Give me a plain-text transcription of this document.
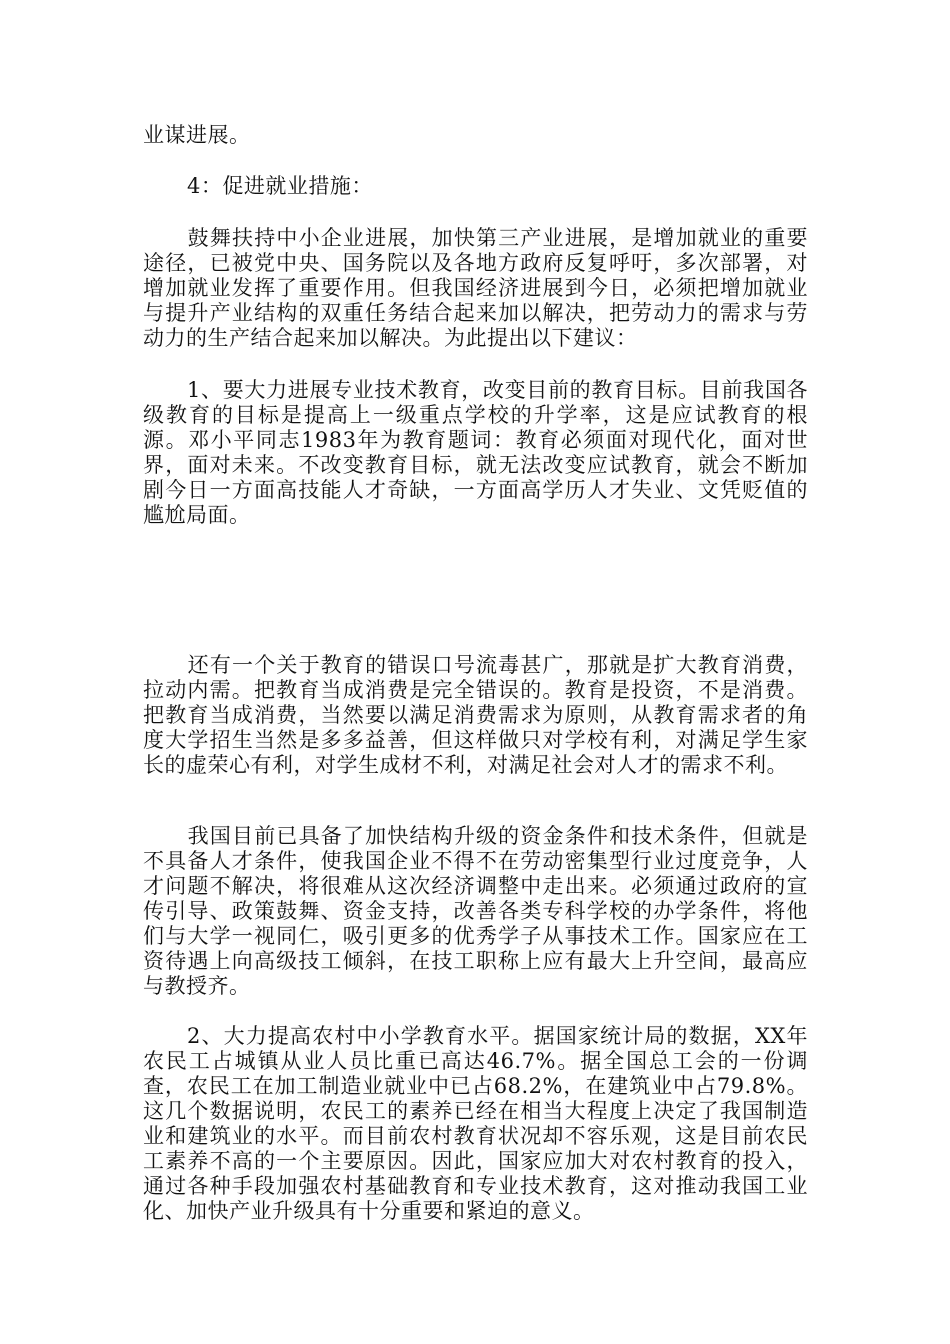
业谋进展。

4：促进就业措施：

鼓舞扶持中小企业进展，加快第三产业进展，是增加就业的重要途径，已被党中央、国务院以及各地方政府反复呼吁，多次部署，对增加就业发挥了重要作用。但我国经济进展到今日，必须把增加就业与提升产业结构的双重任务结合起来加以解决，把劳动力的需求与劳动力的生产结合起来加以解决。为此提出以下建议：

1、要大力进展专业技术教育，改变目前的教育目标。目前我国各级教育的目标是提高上一级重点学校的升学率，这是应试教育的根源。邓小平同志1983年为教育题词：教育必须面对现代化，面对世界，面对未来。不改变教育目标，就无法改变应试教育，就会不断加剧今日一方面高技能人才奇缺，一方面高学历人才失业、文凭贬值的尴尬局面。

还有一个关于教育的错误口号流毒甚广，那就是扩大教育消费，拉动内需。把教育当成消费是完全错误的。教育是投资，不是消费。把教育当成消费，当然要以满足消费需求为原则，从教育需求者的角度大学招生当然是多多益善，但这样做只对学校有利，对满足学生家长的虚荣心有利，对学生成材不利，对满足社会对人才的需求不利。

我国目前已具备了加快结构升级的资金条件和技术条件，但就是不具备人才条件，使我国企业不得不在劳动密集型行业过度竞争，人才问题不解决，将很难从这次经济调整中走出来。必须通过政府的宣传引导、政策鼓舞、资金支持，改善各类专科学校的办学条件，将他们与大学一视同仁，吸引更多的优秀学子从事技术工作。国家应在工资待遇上向高级技工倾斜，在技工职称上应有最大上升空间，最高应与教授齐。

2、大力提高农村中小学教育水平。据国家统计局的数据，XX年农民工占城镇从业人员比重已高达46.7%。据全国总工会的一份调查，农民工在加工制造业就业中已占68.2%，在建筑业中占79.8%。这几个数据说明，农民工的素养已经在相当大程度上决定了我国制造业和建筑业的水平。而目前农村教育状况却不容乐观，这是目前农民工素养不高的一个主要原因。因此，国家应加大对农村教育的投入，通过各种手段加强农村基础教育和专业技术教育，这对推动我国工业化、加快产业升级具有十分重要和紧迫的意义。
